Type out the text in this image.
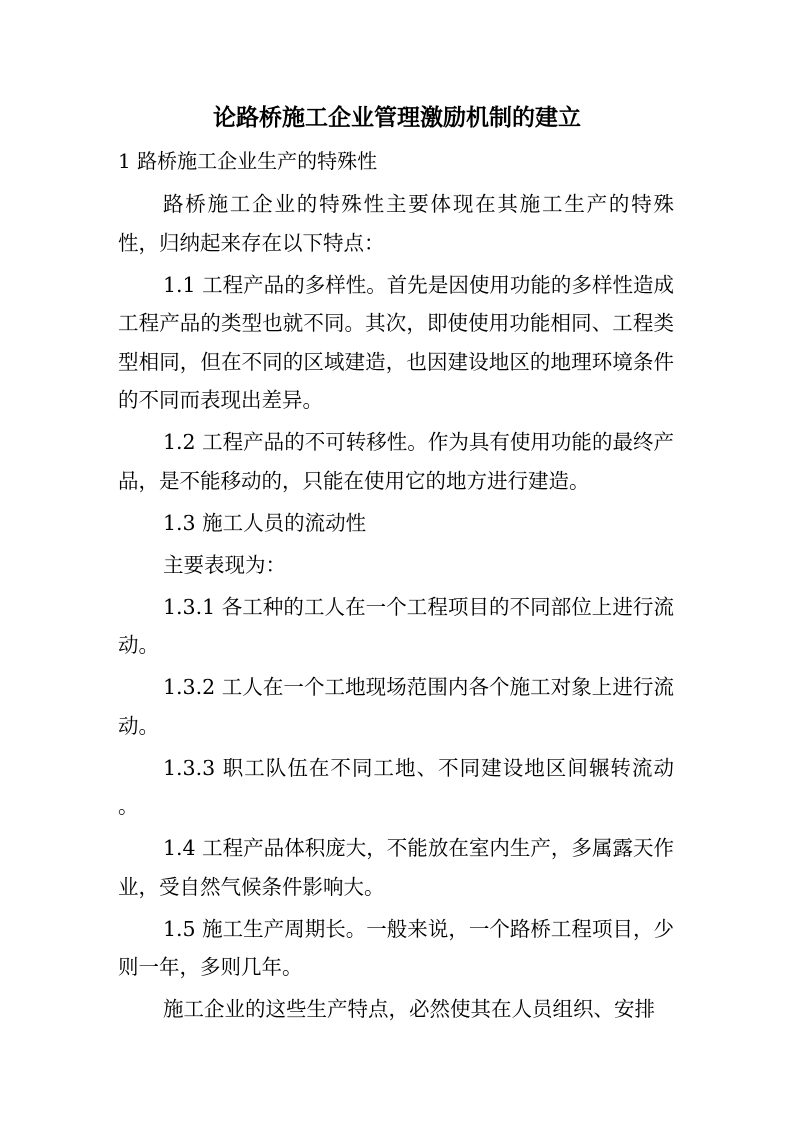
论路桥施工企业管理激励机制的建立
1 路桥施工企业生产的特殊性

路桥施工企业的特殊性主要体现在其施工生产的特殊性，归纳起来存在以下特点：

1.1 工程产品的多样性。首先是因使用功能的多样性造成工程产品的类型也就不同。其次，即使使用功能相同、工程类型相同，但在不同的区域建造，也因建设地区的地理环境条件的不同而表现出差异。

1.2 工程产品的不可转移性。作为具有使用功能的最终产品，是不能移动的，只能在使用它的地方进行建造。

1.3 施工人员的流动性

主要表现为：

1.3.1 各工种的工人在一个工程项目的不同部位上进行流动。

1.3.2 工人在一个工地现场范围内各个施工对象上进行流动。

1.3.3 职工队伍在不同工地、不同建设地区间辗转流动 。

1.4 工程产品体积庞大，不能放在室内生产，多属露天作业，受自然气候条件影响大。

1.5 施工生产周期长。一般来说，一个路桥工程项目，少则一年，多则几年。

施工企业的这些生产特点，必然使其在人员组织、安排
